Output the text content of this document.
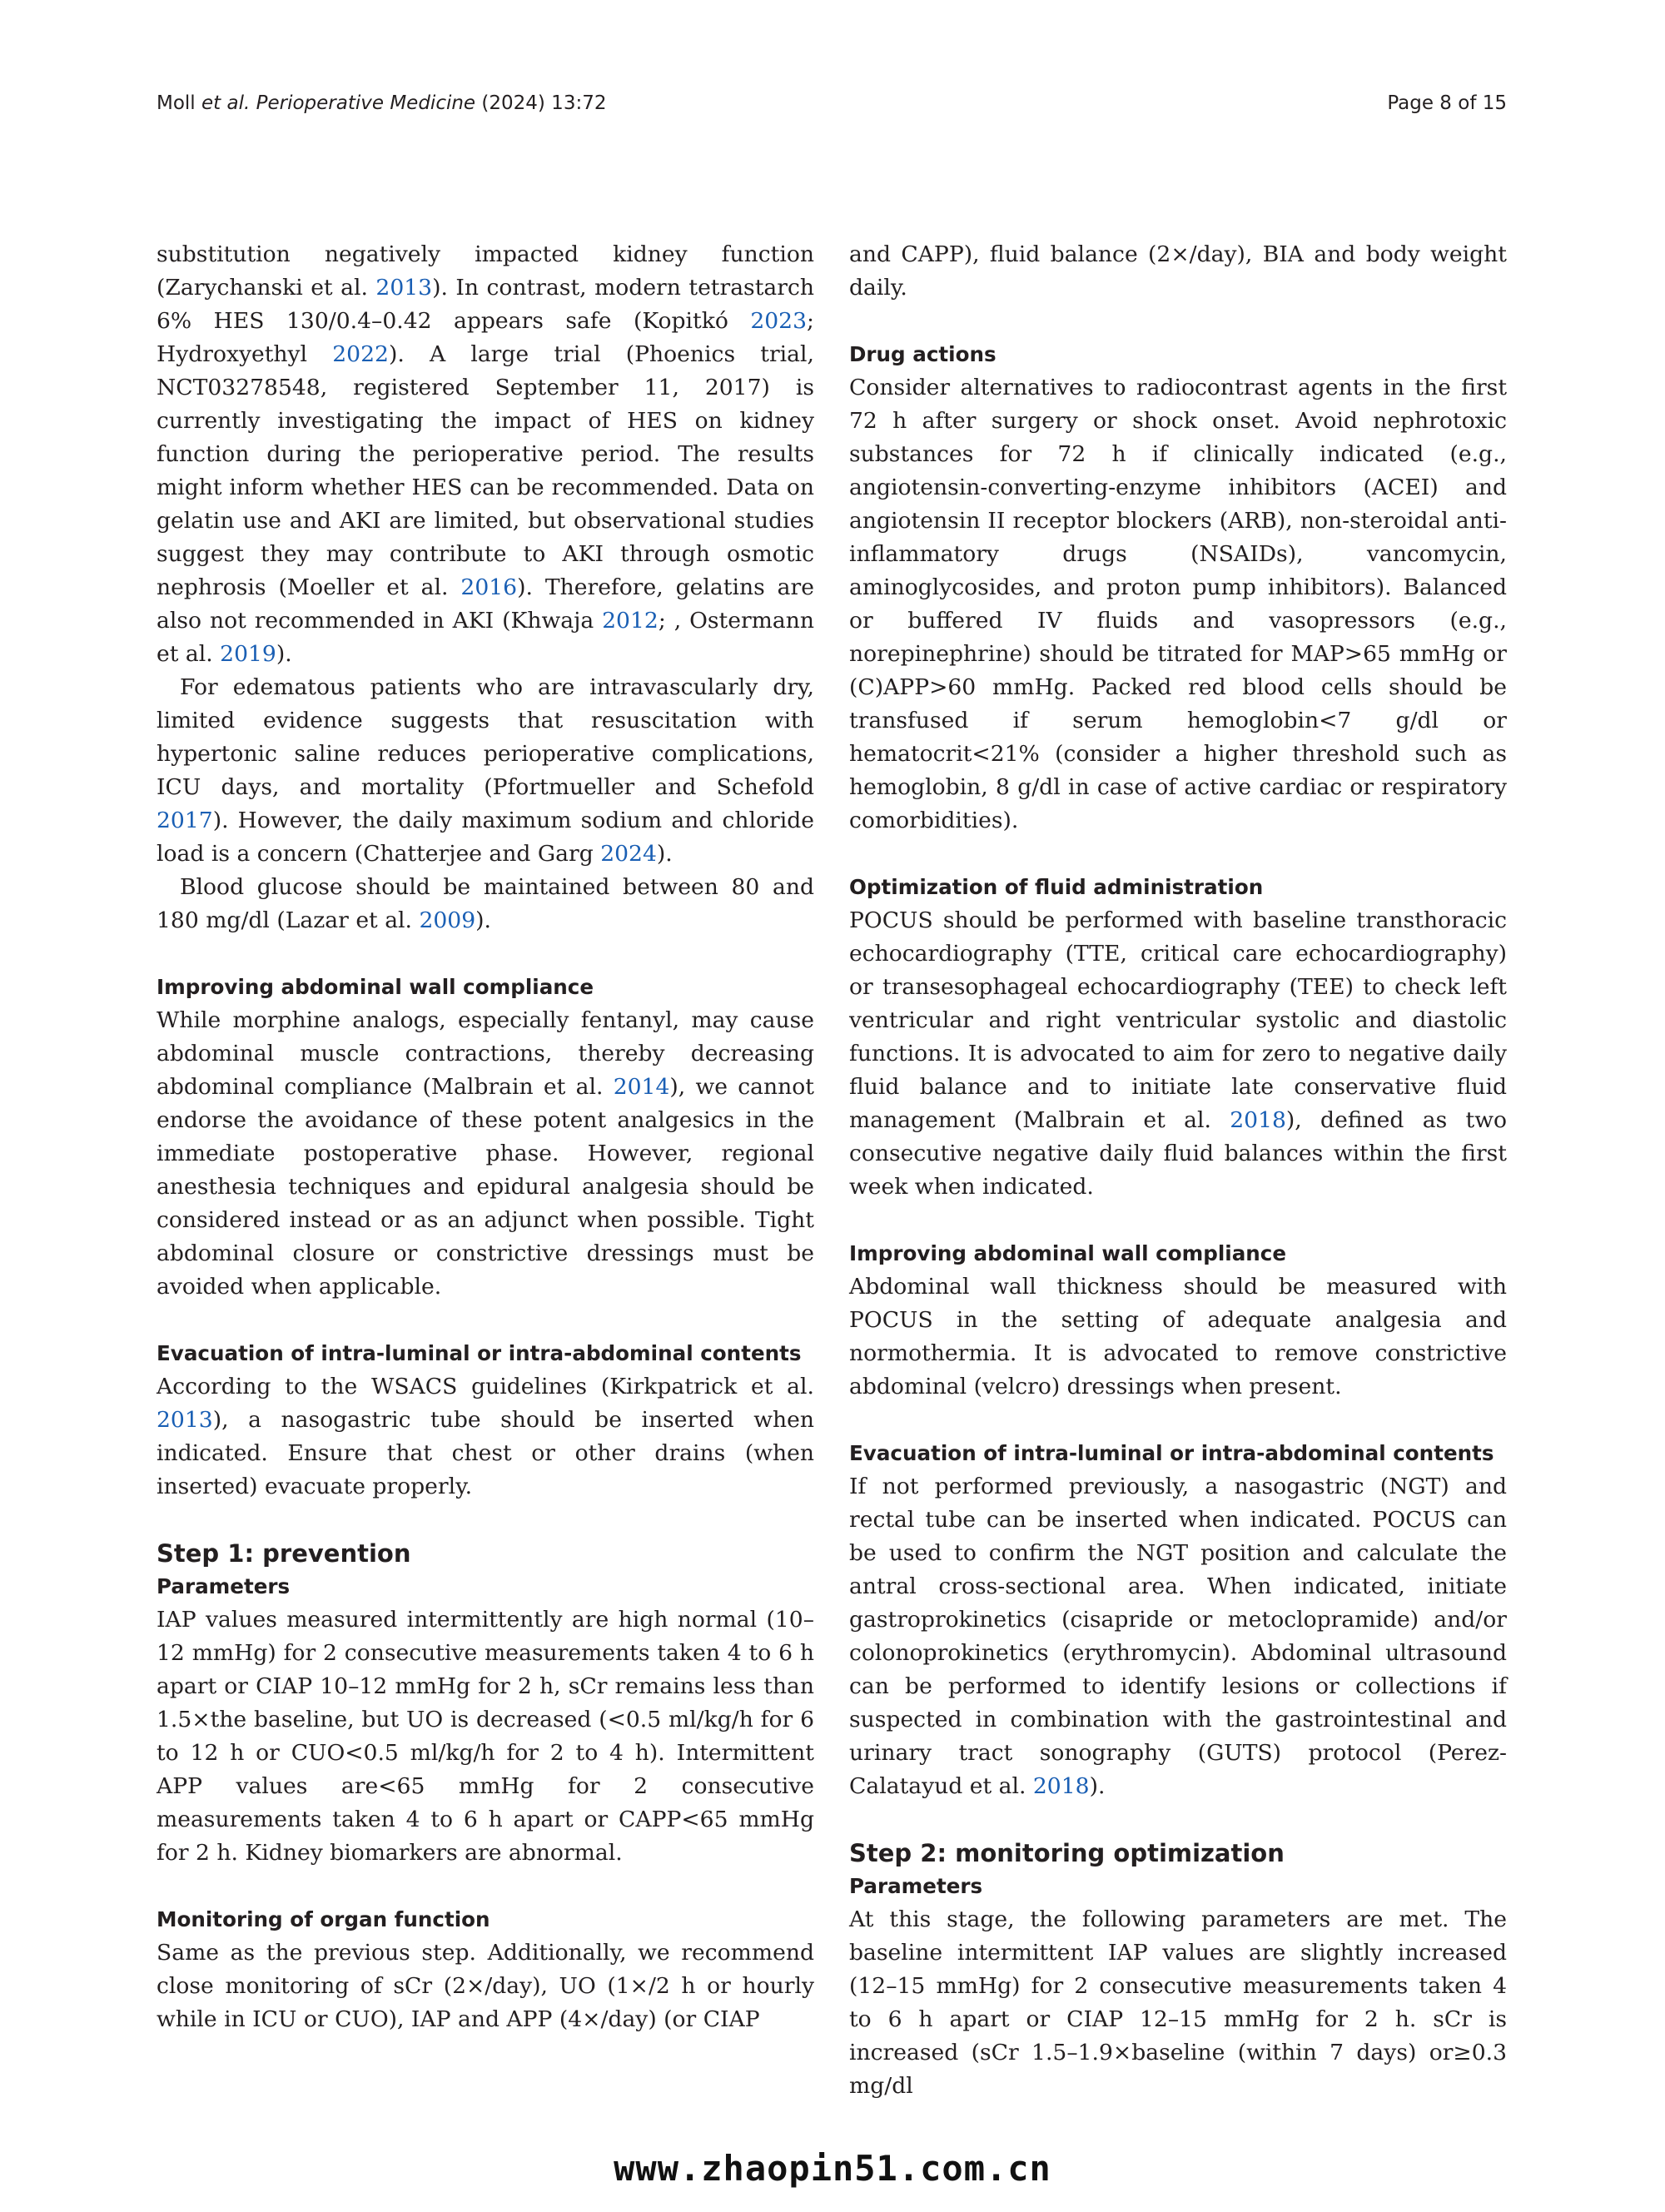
Moll et al. Perioperative Medicine (2024) 13:72	Page 8 of 15

substitution negatively impacted kidney function (Zarychanski et al. 2013). In contrast, modern tetrastarch 6% HES 130/0.4–0.42 appears safe (Kopitkó 2023; Hydroxyethyl 2022). A large trial (Phoenics trial, NCT03278548, registered September 11, 2017) is currently investigating the impact of HES on kidney function during the perioperative period. The results might inform whether HES can be recommended. Data on gelatin use and AKI are limited, but observational studies suggest they may contribute to AKI through osmotic nephrosis (Moeller et al. 2016). Therefore, gelatins are also not recommended in AKI (Khwaja 2012; , Ostermann et al. 2019).

For edematous patients who are intravascularly dry, limited evidence suggests that resuscitation with hypertonic saline reduces perioperative complications, ICU days, and mortality (Pfortmueller and Schefold 2017). However, the daily maximum sodium and chloride load is a concern (Chatterjee and Garg 2024).

Blood glucose should be maintained between 80 and 180 mg/dl (Lazar et al. 2009).

Improving abdominal wall compliance

While morphine analogs, especially fentanyl, may cause abdominal muscle contractions, thereby decreasing abdominal compliance (Malbrain et al. 2014), we cannot endorse the avoidance of these potent analgesics in the immediate postoperative phase. However, regional anesthesia techniques and epidural analgesia should be considered instead or as an adjunct when possible. Tight abdominal closure or constrictive dressings must be avoided when applicable.

Evacuation of intra-luminal or intra-abdominal contents

According to the WSACS guidelines (Kirkpatrick et al. 2013), a nasogastric tube should be inserted when indicated. Ensure that chest or other drains (when inserted) evacuate properly.

Step 1: prevention
Parameters

IAP values measured intermittently are high normal (10–12 mmHg) for 2 consecutive measurements taken 4 to 6 h apart or CIAP 10–12 mmHg for 2 h, sCr remains less than 1.5×the baseline, but UO is decreased (<0.5 ml/kg/h for 6 to 12 h or CUO<0.5 ml/kg/h for 2 to 4 h). Intermittent APP values are<65 mmHg for 2 consecutive measurements taken 4 to 6 h apart or CAPP<65 mmHg for 2 h. Kidney biomarkers are abnormal.

Monitoring of organ function

Same as the previous step. Additionally, we recommend close monitoring of sCr (2×/day), UO (1×/2 h or hourly while in ICU or CUO), IAP and APP (4×/day) (or CIAP

and CAPP), fluid balance (2×/day), BIA and body weight daily.

Drug actions

Consider alternatives to radiocontrast agents in the first 72 h after surgery or shock onset. Avoid nephrotoxic substances for 72 h if clinically indicated (e.g., angiotensin-converting-enzyme inhibitors (ACEI) and angiotensin II receptor blockers (ARB), non-steroidal anti-inflammatory drugs (NSAIDs), vancomycin, aminoglycosides, and proton pump inhibitors). Balanced or buffered IV fluids and vasopressors (e.g., norepinephrine) should be titrated for MAP>65 mmHg or (C)APP>60 mmHg. Packed red blood cells should be transfused if serum hemoglobin<7 g/dl or hematocrit<21% (consider a higher threshold such as hemoglobin, 8 g/dl in case of active cardiac or respiratory comorbidities).

Optimization of fluid administration

POCUS should be performed with baseline transthoracic echocardiography (TTE, critical care echocardiography) or transesophageal echocardiography (TEE) to check left ventricular and right ventricular systolic and diastolic functions. It is advocated to aim for zero to negative daily fluid balance and to initiate late conservative fluid management (Malbrain et al. 2018), defined as two consecutive negative daily fluid balances within the first week when indicated.

Improving abdominal wall compliance

Abdominal wall thickness should be measured with POCUS in the setting of adequate analgesia and normothermia. It is advocated to remove constrictive abdominal (velcro) dressings when present.

Evacuation of intra-luminal or intra-abdominal contents

If not performed previously, a nasogastric (NGT) and rectal tube can be inserted when indicated. POCUS can be used to confirm the NGT position and calculate the antral cross-sectional area. When indicated, initiate gastroprokinetics (cisapride or metoclopramide) and/or colonoprokinetics (erythromycin). Abdominal ultrasound can be performed to identify lesions or collections if suspected in combination with the gastrointestinal and urinary tract sonography (GUTS) protocol (Perez-Calatayud et al. 2018).

Step 2: monitoring optimization
Parameters

At this stage, the following parameters are met. The baseline intermittent IAP values are slightly increased (12–15 mmHg) for 2 consecutive measurements taken 4 to 6 h apart or CIAP 12–15 mmHg for 2 h. sCr is increased (sCr 1.5–1.9×baseline (within 7 days) or≥0.3 mg/dl

www.zhaopin51.com.cn
